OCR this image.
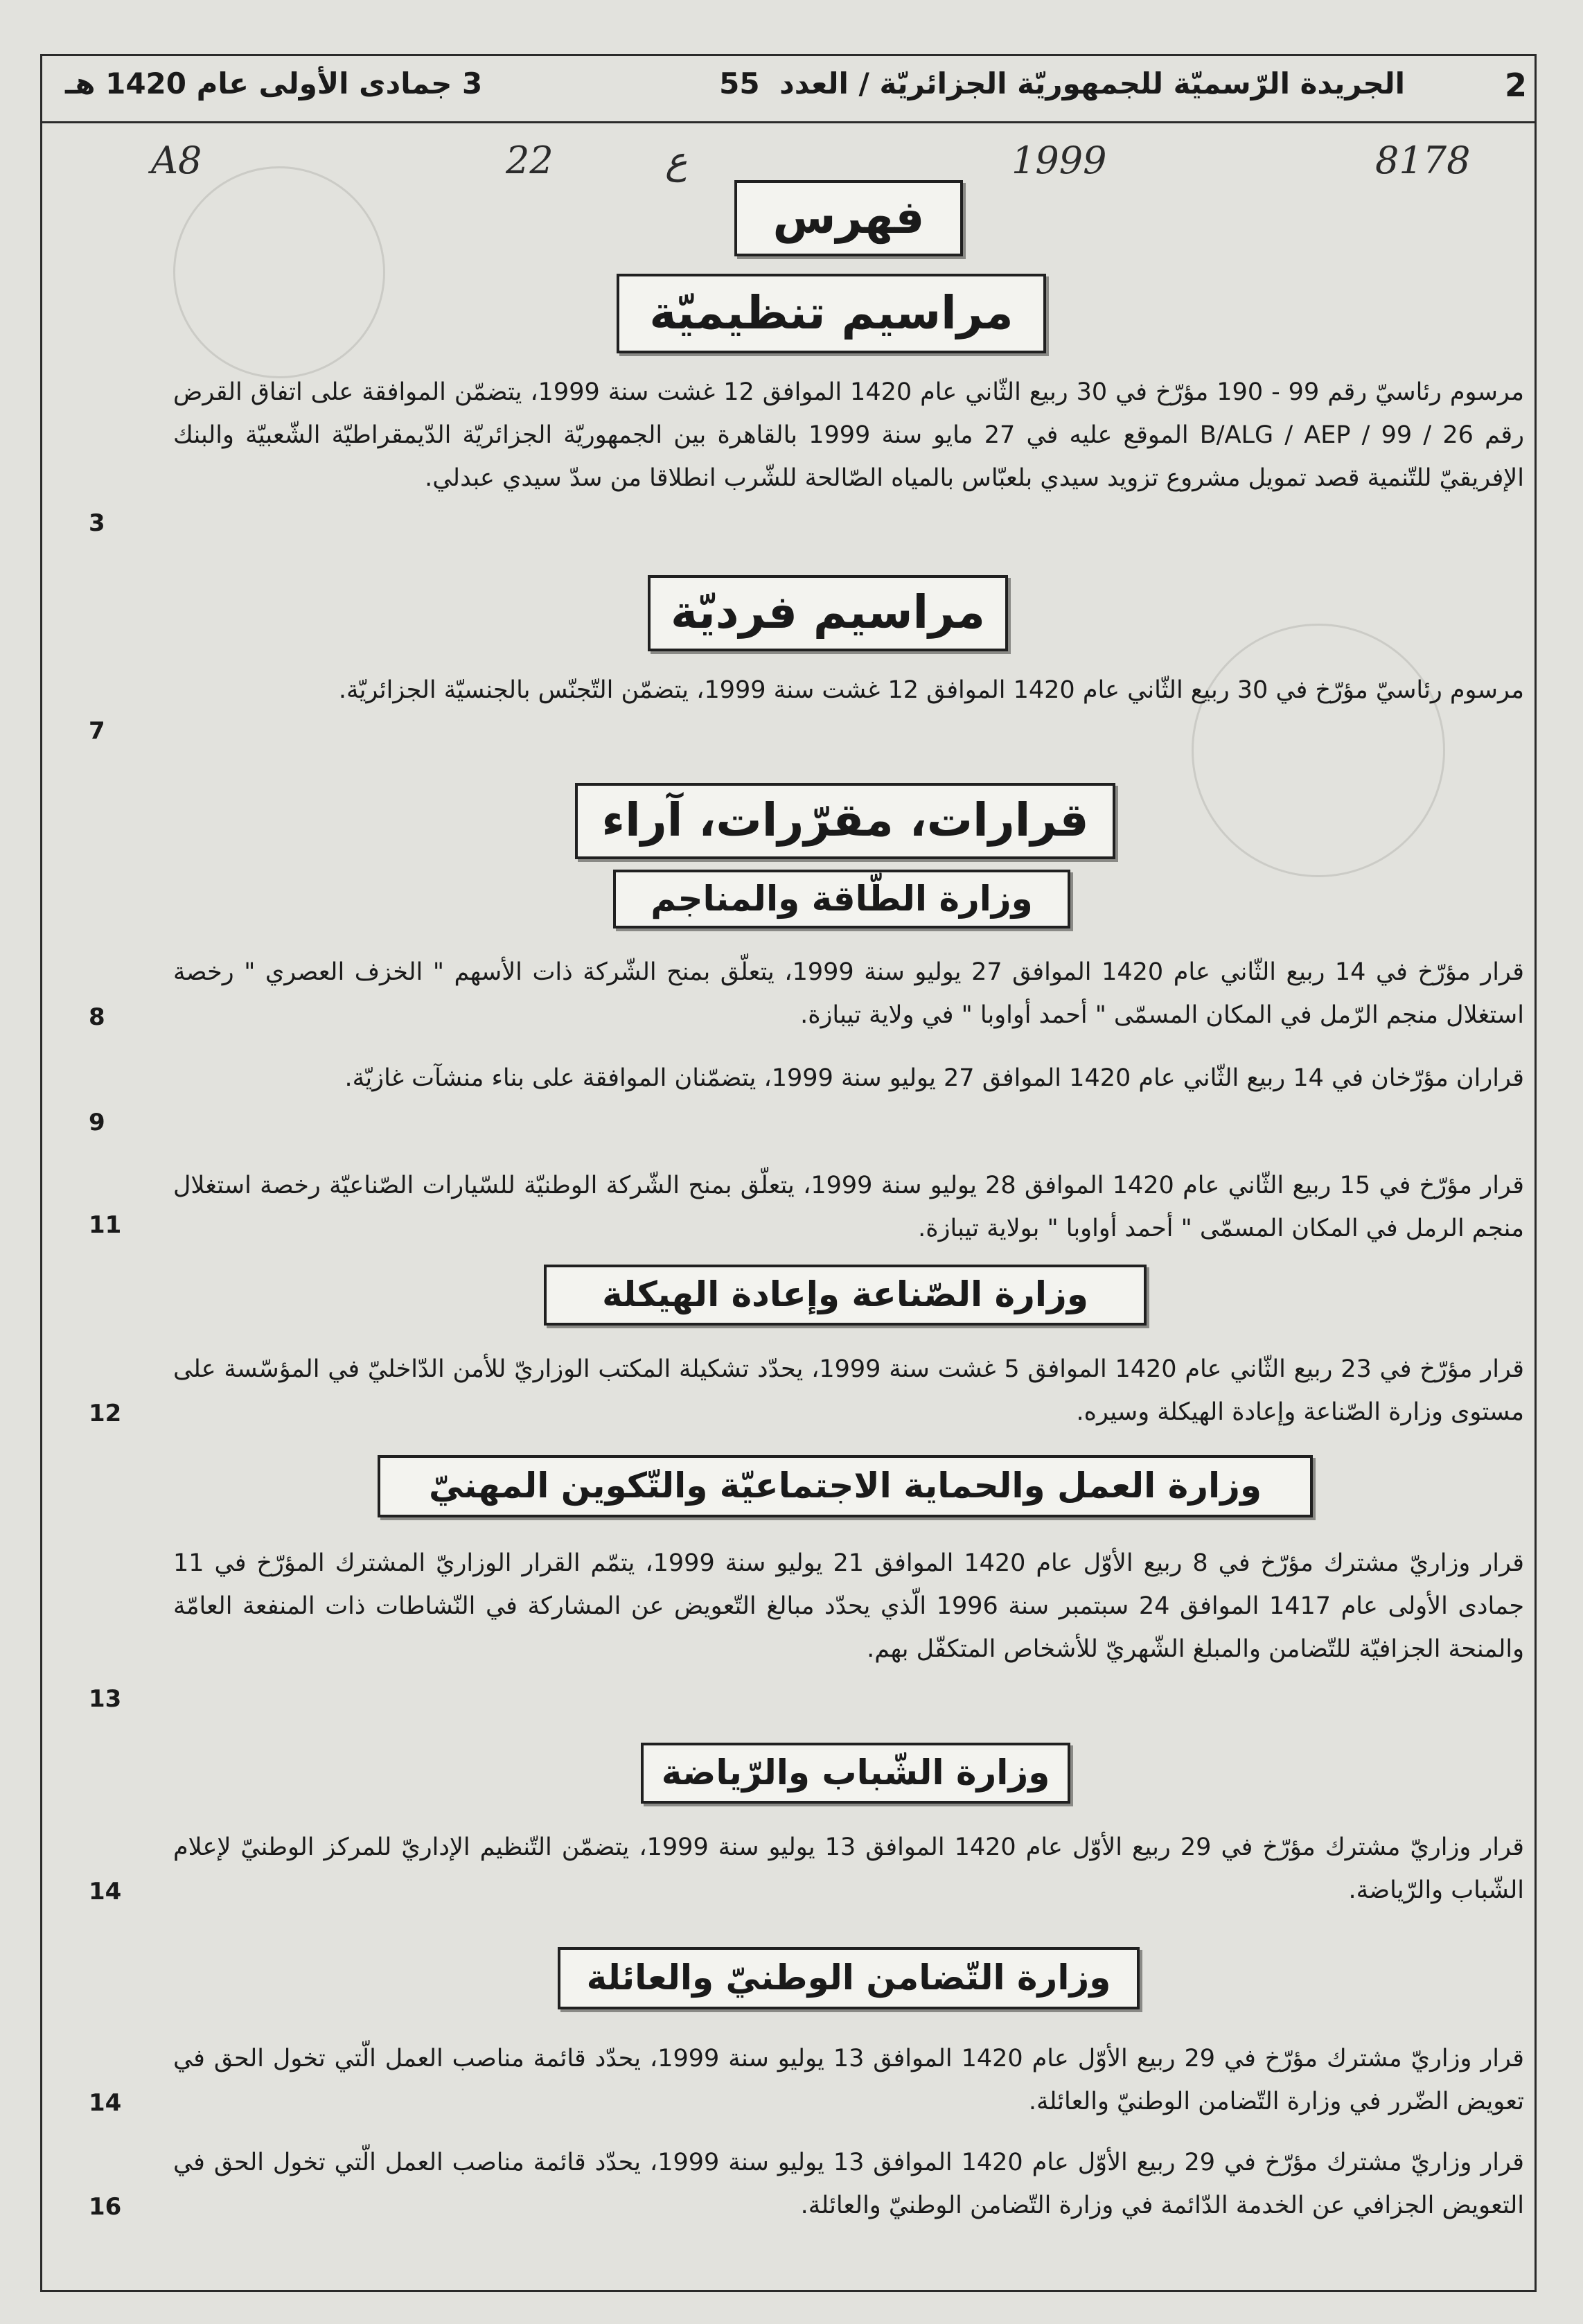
2
الجريدة الرّسميّة للجمهوريّة الجزائريّة / العدد 55
3 جمادى الأولى عام 1420 هـ
8178
1999
ع
22
A8
فهرس
مراسيم تنظيميّة

مرسوم رئاسيّ رقم 99 - 190 مؤرّخ في 30 ربيع الثّاني عام 1420 الموافق 12 غشت سنة 1999، يتضمّن الموافقة على اتفاق القرض رقم B/ALG / AEP / 99 / 26 الموقع عليه في 27 مايو سنة 1999 بالقاهرة بين الجمهوريّة الجزائريّة الدّيمقراطيّة الشّعبيّة والبنك الإفريقيّ للتّنمية قصد تمويل مشروع تزويد سيدي بلعبّاس بالمياه الصّالحة للشّرب انطلاقا من سدّ سيدي عبدلي.

3
مراسيم فرديّة

مرسوم رئاسيّ مؤرّخ في 30 ربيع الثّاني عام 1420 الموافق 12 غشت سنة 1999، يتضمّن التّجنّس بالجنسيّة الجزائريّة.

7
قرارات، مقرّرات، آراء
وزارة الطّاقة والمناجم

قرار مؤرّخ في 14 ربيع الثّاني عام 1420 الموافق 27 يوليو سنة 1999، يتعلّق بمنح الشّركة ذات الأسهم " الخزف العصري " رخصة استغلال منجم الرّمل في المكان المسمّى " أحمد أواوبا " في ولاية تيبازة.

8

قراران مؤرّخان في 14 ربيع الثّاني عام 1420 الموافق 27 يوليو سنة 1999، يتضمّنان الموافقة على بناء منشآت غازيّة.

9

قرار مؤرّخ في 15 ربيع الثّاني عام 1420 الموافق 28 يوليو سنة 1999، يتعلّق بمنح الشّركة الوطنيّة للسّيارات الصّناعيّة رخصة استغلال منجم الرمل في المكان المسمّى " أحمد أواوبا " بولاية تيبازة.

11
وزارة الصّناعة وإعادة الهيكلة

قرار مؤرّخ في 23 ربيع الثّاني عام 1420 الموافق 5 غشت سنة 1999، يحدّد تشكيلة المكتب الوزاريّ للأمن الدّاخليّ في المؤسّسة على مستوى وزارة الصّناعة وإعادة الهيكلة وسيره.

12
وزارة العمل والحماية الاجتماعيّة والتّكوين المهنيّ

قرار وزاريّ مشترك مؤرّخ في 8 ربيع الأوّل عام 1420 الموافق 21 يوليو سنة 1999، يتمّم القرار الوزاريّ المشترك المؤرّخ في 11 جمادى الأولى عام 1417 الموافق 24 سبتمبر سنة 1996 الّذي يحدّد مبالغ التّعويض عن المشاركة في النّشاطات ذات المنفعة العامّة والمنحة الجزافيّة للتّضامن والمبلغ الشّهريّ للأشخاص المتكفّل بهم.

13
وزارة الشّباب والرّياضة

قرار وزاريّ مشترك مؤرّخ في 29 ربيع الأوّل عام 1420 الموافق 13 يوليو سنة 1999، يتضمّن التّنظيم الإداريّ للمركز الوطنيّ لإعلام الشّباب والرّياضة.

14
وزارة التّضامن الوطنيّ والعائلة

قرار وزاريّ مشترك مؤرّخ في 29 ربيع الأوّل عام 1420 الموافق 13 يوليو سنة 1999، يحدّد قائمة مناصب العمل الّتي تخول الحق في تعويض الضّرر في وزارة التّضامن الوطنيّ والعائلة.

14

قرار وزاريّ مشترك مؤرّخ في 29 ربيع الأوّل عام 1420 الموافق 13 يوليو سنة 1999، يحدّد قائمة مناصب العمل الّتي تخول الحق في التعويض الجزافي عن الخدمة الدّائمة في وزارة التّضامن الوطنيّ والعائلة.

16
